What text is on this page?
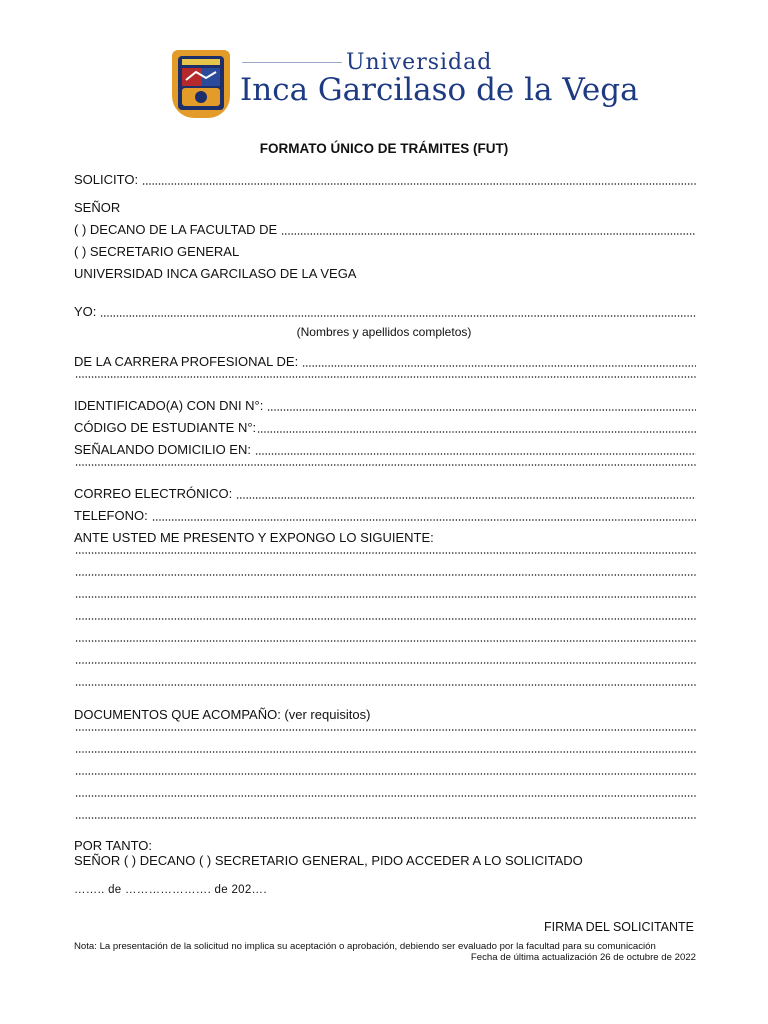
Universidad
Inca Garcilaso de la Vega
FORMATO ÚNICO DE TRÁMITES (FUT)
SOLICITO:
SEÑOR
( ) DECANO DE LA FACULTAD DE
( ) SECRETARIO GENERAL
UNIVERSIDAD INCA GARCILASO DE LA VEGA
YO:
(Nombres y apellidos completos)
DE LA CARRERA PROFESIONAL DE:
IDENTIFICADO(A) CON DNI N°:
CÓDIGO DE ESTUDIANTE N°:
SEÑALANDO DOMICILIO EN:
CORREO ELECTRÓNICO:
TELEFONO:
ANTE USTED ME PRESENTO Y EXPONGO LO SIGUIENTE:
DOCUMENTOS QUE ACOMPAÑO: (ver requisitos)
POR TANTO:
SEÑOR ( ) DECANO ( ) SECRETARIO GENERAL, PIDO ACCEDER A LO SOLICITADO
…….. de …………………. de 202….
FIRMA DEL SOLICITANTE
Nota: La presentación de la solicitud no implica su aceptación o aprobación, debiendo ser evaluado por la facultad para su comunicación
Fecha de última actualización 26 de octubre de 2022
